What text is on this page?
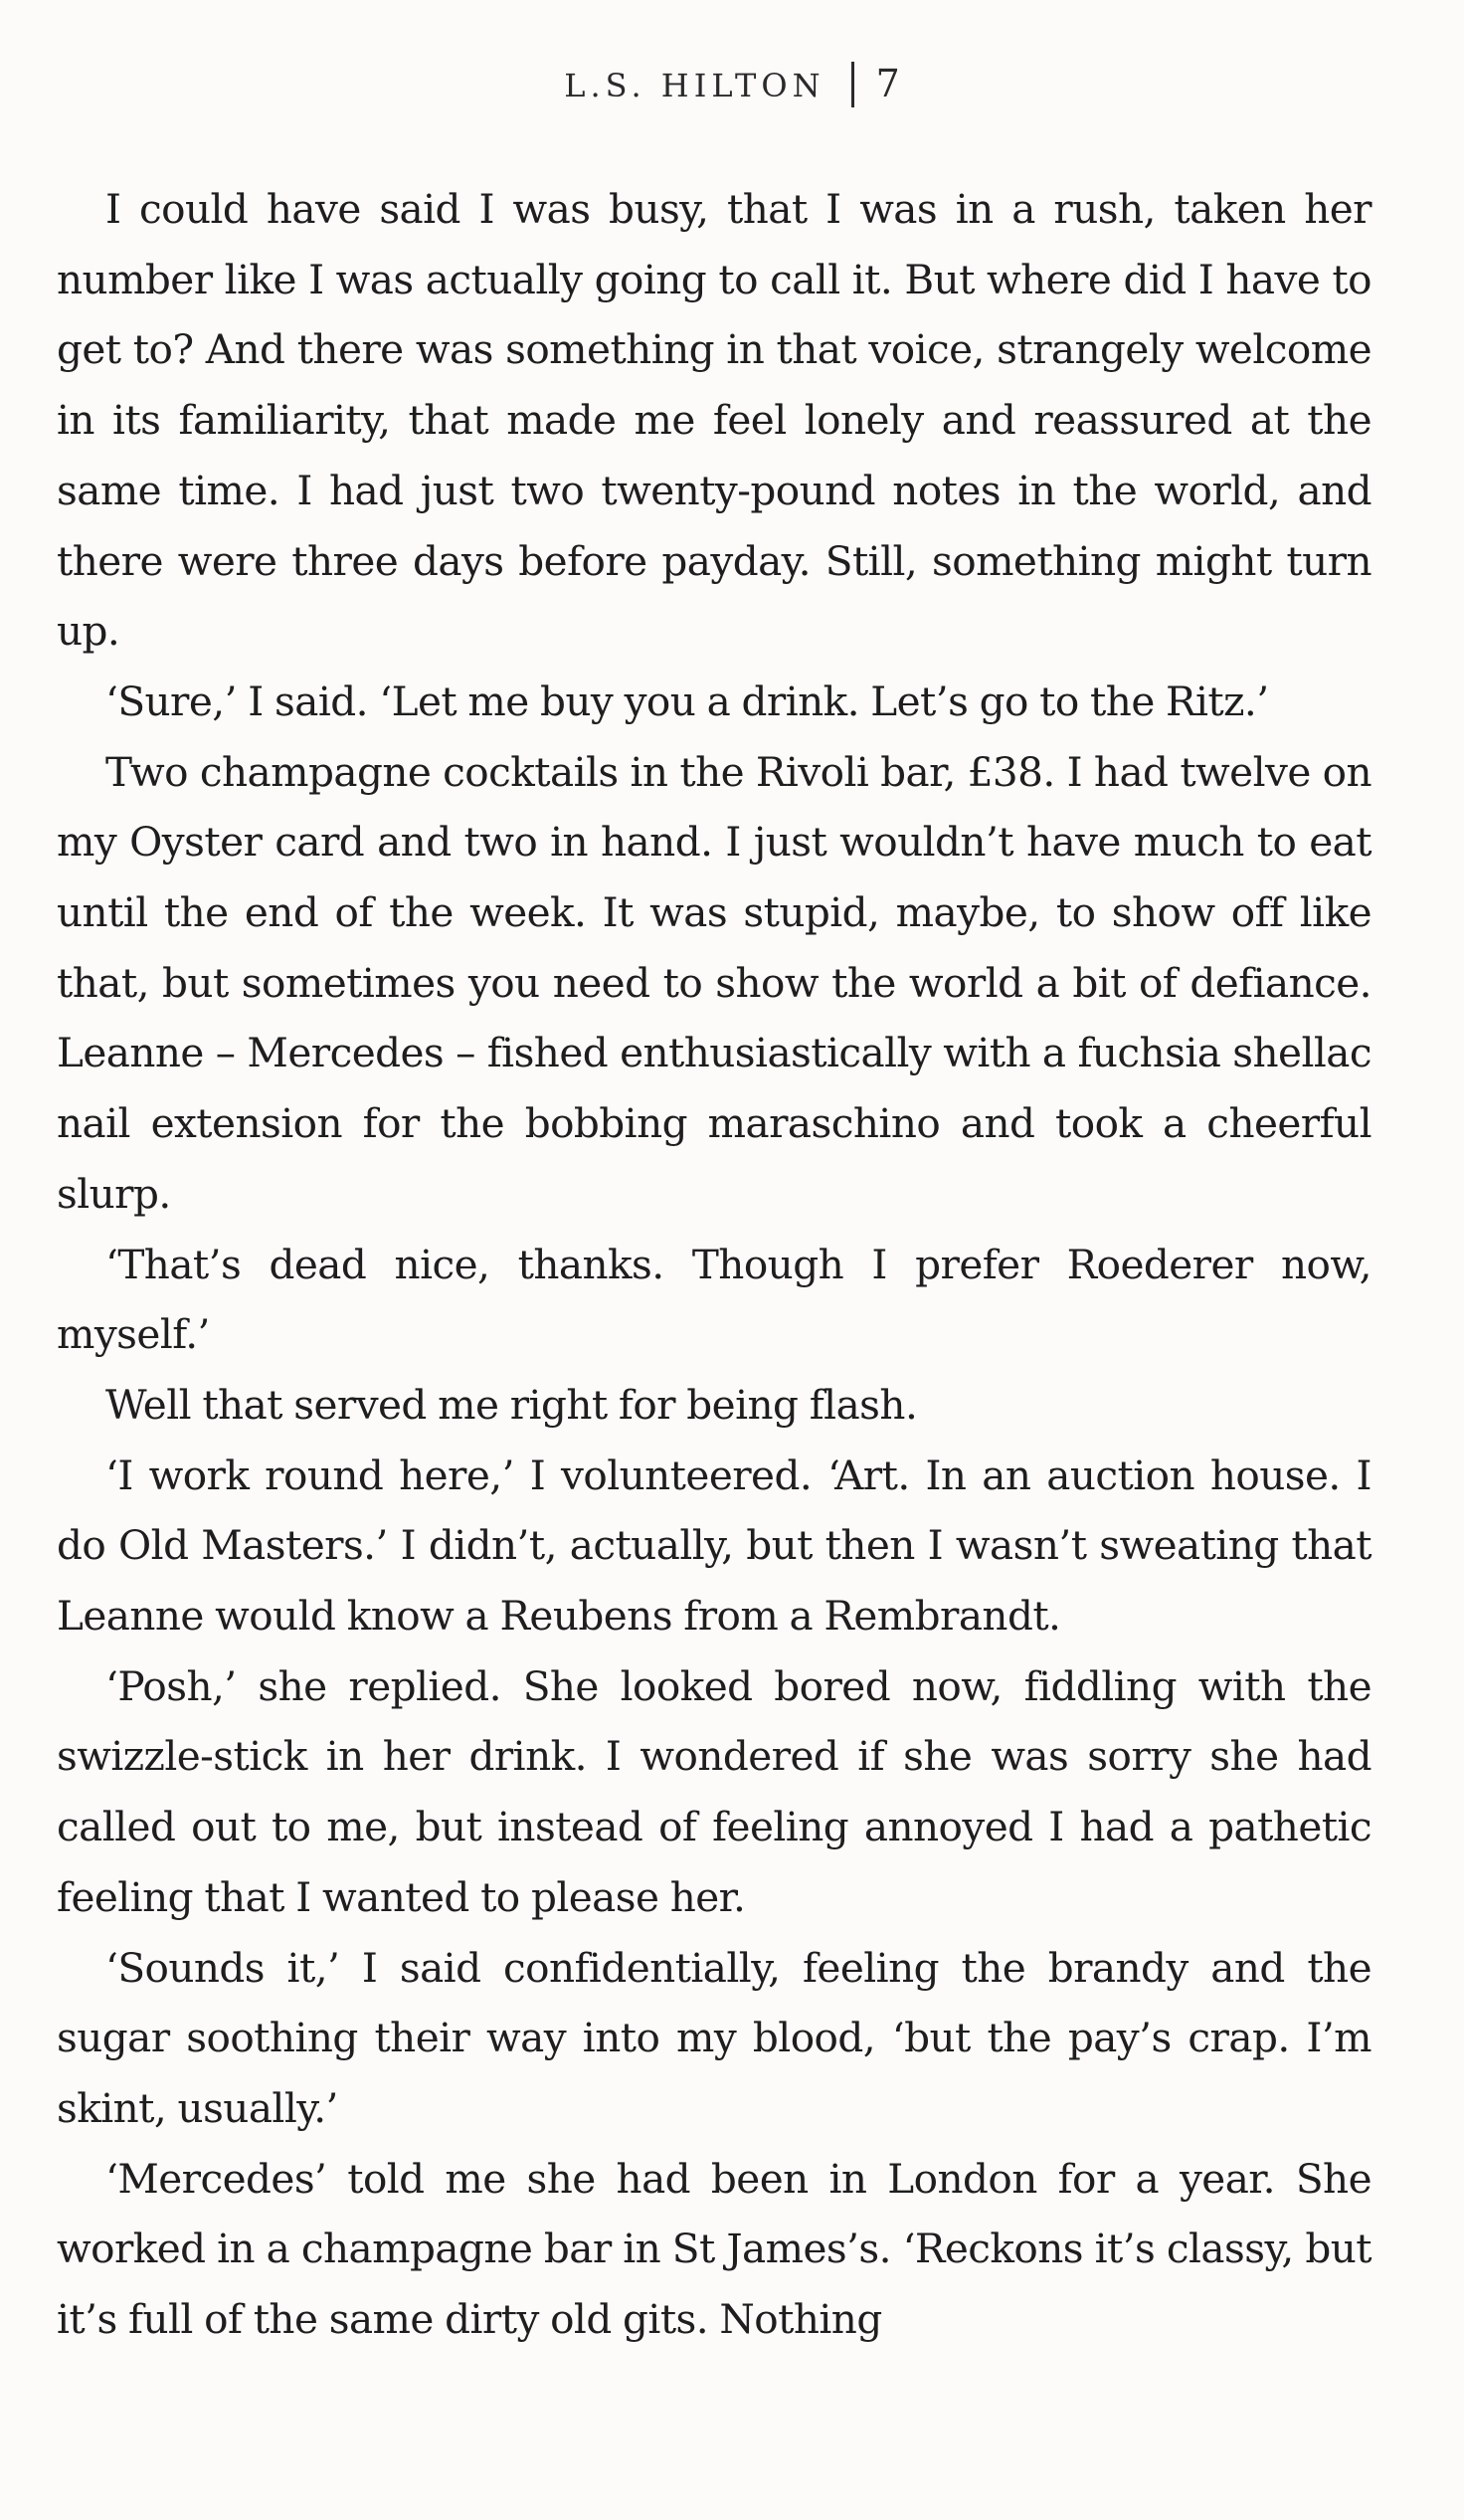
L.S. HILTON 7

I could have said I was busy, that I was in a rush, taken her number like I was actually going to call it. But where did I have to get to? And there was something in that voice, strangely welcome in its familiarity, that made me feel lonely and reassured at the same time. I had just two twenty-pound notes in the world, and there were three days before payday. Still, something might turn up.

‘Sure,’ I said. ‘Let me buy you a drink. Let’s go to the Ritz.’

Two champagne cocktails in the Rivoli bar, £38. I had twelve on my Oyster card and two in hand. I just wouldn’t have much to eat until the end of the week. It was stupid, maybe, to show off like that, but sometimes you need to show the world a bit of defiance. Leanne – Mercedes – fished enthusiastically with a fuchsia shellac nail extension for the bobbing maraschino and took a cheerful slurp.

‘That’s dead nice, thanks. Though I prefer Roederer now, myself.’

Well that served me right for being flash.

‘I work round here,’ I volunteered. ‘Art. In an auction house. I do Old Masters.’ I didn’t, actually, but then I wasn’t sweating that Leanne would know a Reubens from a Rembrandt.

‘Posh,’ she replied. She looked bored now, fiddling with the swizzle-stick in her drink. I wondered if she was sorry she had called out to me, but instead of feeling annoyed I had a pathetic feeling that I wanted to please her.

‘Sounds it,’ I said confidentially, feeling the brandy and the sugar soothing their way into my blood, ‘but the pay’s crap. I’m skint, usually.’

‘Mercedes’ told me she had been in London for a year. She worked in a champagne bar in St James’s. ‘Reckons it’s classy, but it’s full of the same dirty old gits. Nothing
